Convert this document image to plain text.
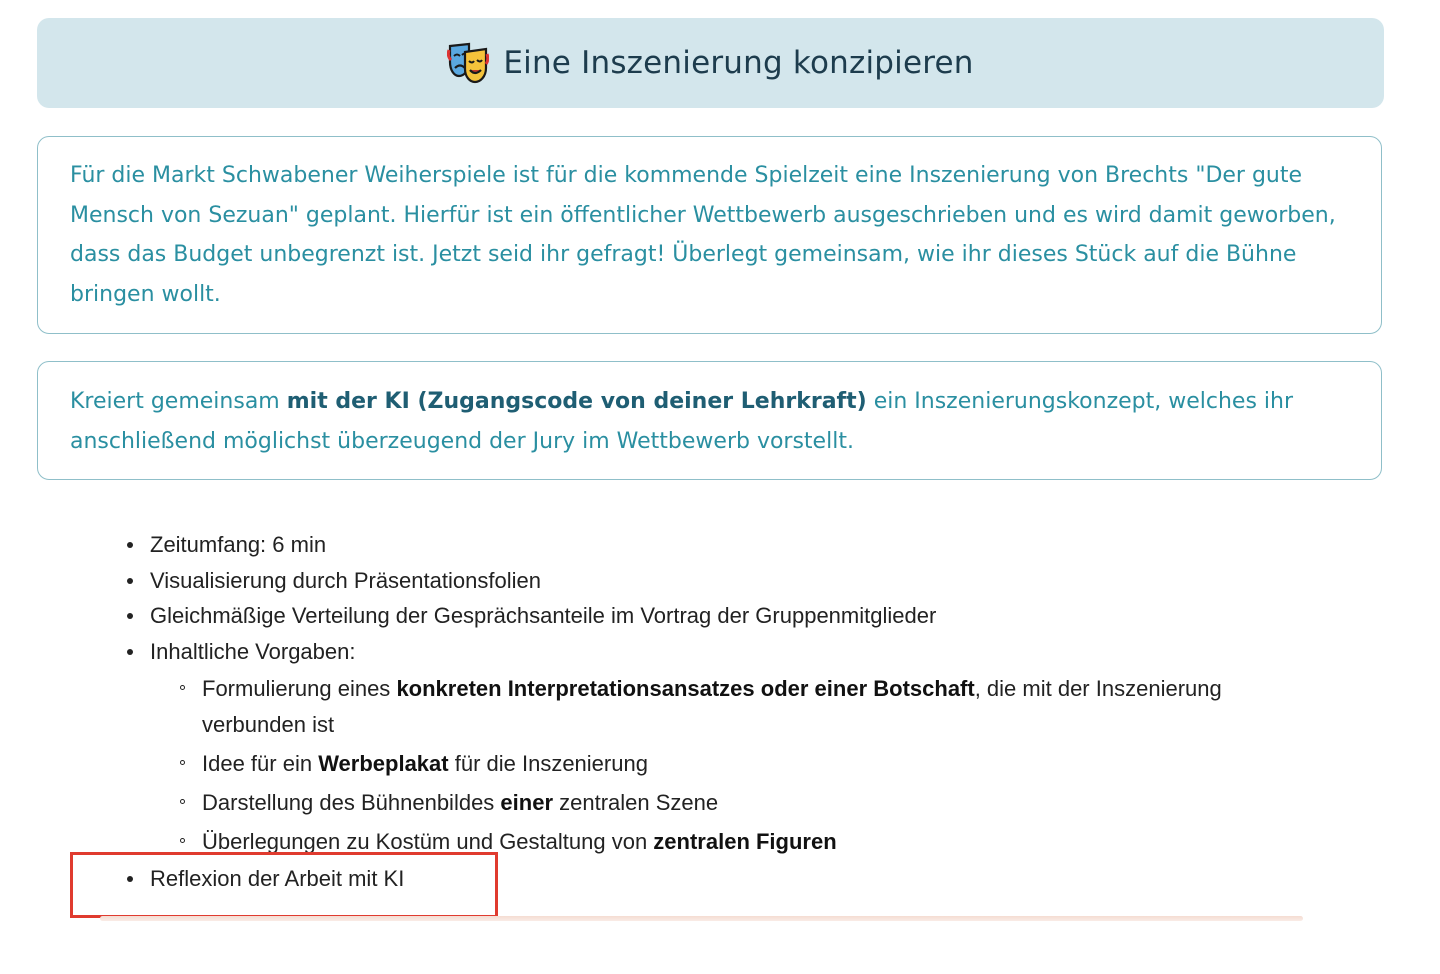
Eine Inszenierung konzipieren

Für die Markt Schwabener Weiherspiele ist für die kommende Spielzeit eine Inszenierung von Brechts "Der gute Mensch von Sezuan" geplant. Hierfür ist ein öffentlicher Wettbewerb ausgeschrieben und es wird damit geworben, dass das Budget unbegrenzt ist. Jetzt seid ihr gefragt! Überlegt gemeinsam, wie ihr dieses Stück auf die Bühne bringen wollt.

Kreiert gemeinsam mit der KI (Zugangscode von deiner Lehrkraft) ein Inszenierungskonzept, welches ihr anschließend möglichst überzeugend der Jury im Wettbewerb vorstellt.

Zeitumfang: 6 min
Visualisierung durch Präsentationsfolien
Gleichmäßige Verteilung der Gesprächsanteile im Vortrag der Gruppenmitglieder
Inhaltliche Vorgaben:
Formulierung eines konkreten Interpretationsansatzes oder einer Botschaft, die mit der Inszenierung verbunden ist
Idee für ein Werbeplakat für die Inszenierung
Darstellung des Bühnenbildes einer zentralen Szene
Überlegungen zu Kostüm und Gestaltung von zentralen Figuren
Reflexion der Arbeit mit KI
